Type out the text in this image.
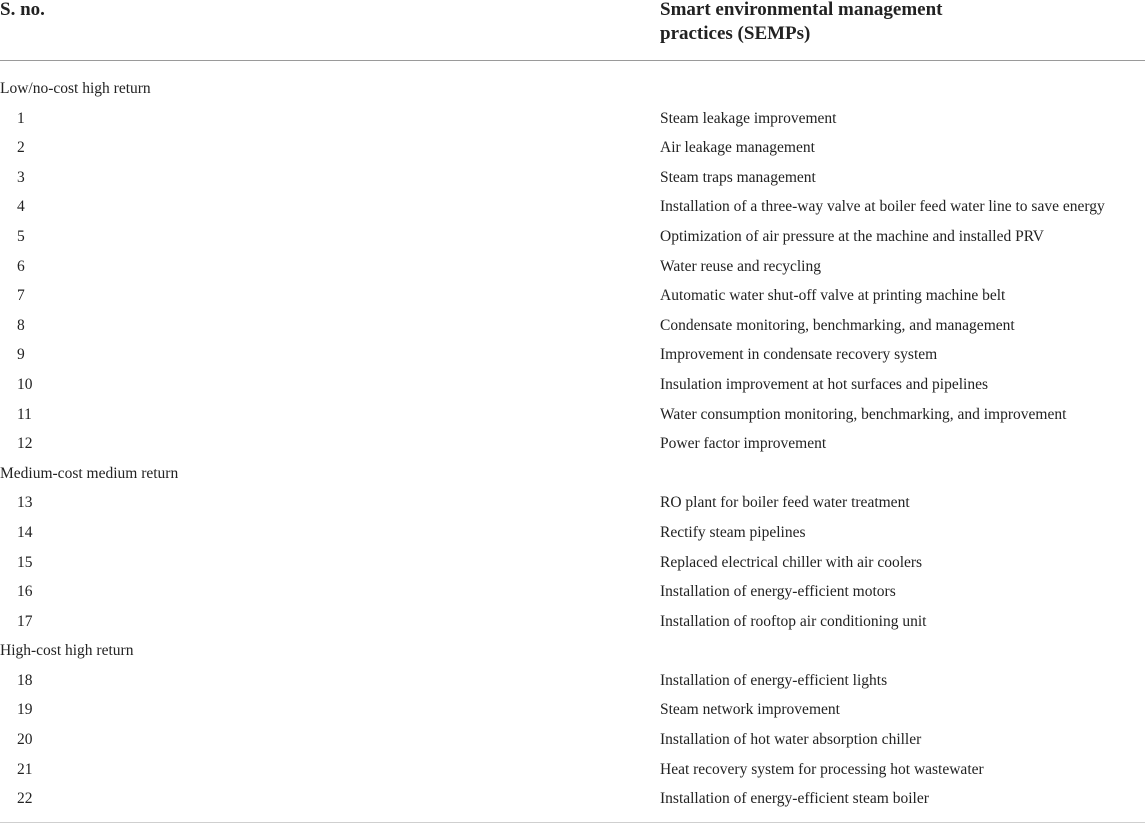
S. no.	Smart environmental management practices (SEMPs)
Low/no-cost high return
1	Steam leakage improvement
2	Air leakage management
3	Steam traps management
4	Installation of a three-way valve at boiler feed water line to save energy
5	Optimization of air pressure at the machine and installed PRV
6	Water reuse and recycling
7	Automatic water shut-off valve at printing machine belt
8	Condensate monitoring, benchmarking, and management
9	Improvement in condensate recovery system
10	Insulation improvement at hot surfaces and pipelines
11	Water consumption monitoring, benchmarking, and improvement
12	Power factor improvement
Medium-cost medium return
13	RO plant for boiler feed water treatment
14	Rectify steam pipelines
15	Replaced electrical chiller with air coolers
16	Installation of energy-efficient motors
17	Installation of rooftop air conditioning unit
High-cost high return
18	Installation of energy-efficient lights
19	Steam network improvement
20	Installation of hot water absorption chiller
21	Heat recovery system for processing hot wastewater
22	Installation of energy-efficient steam boiler
